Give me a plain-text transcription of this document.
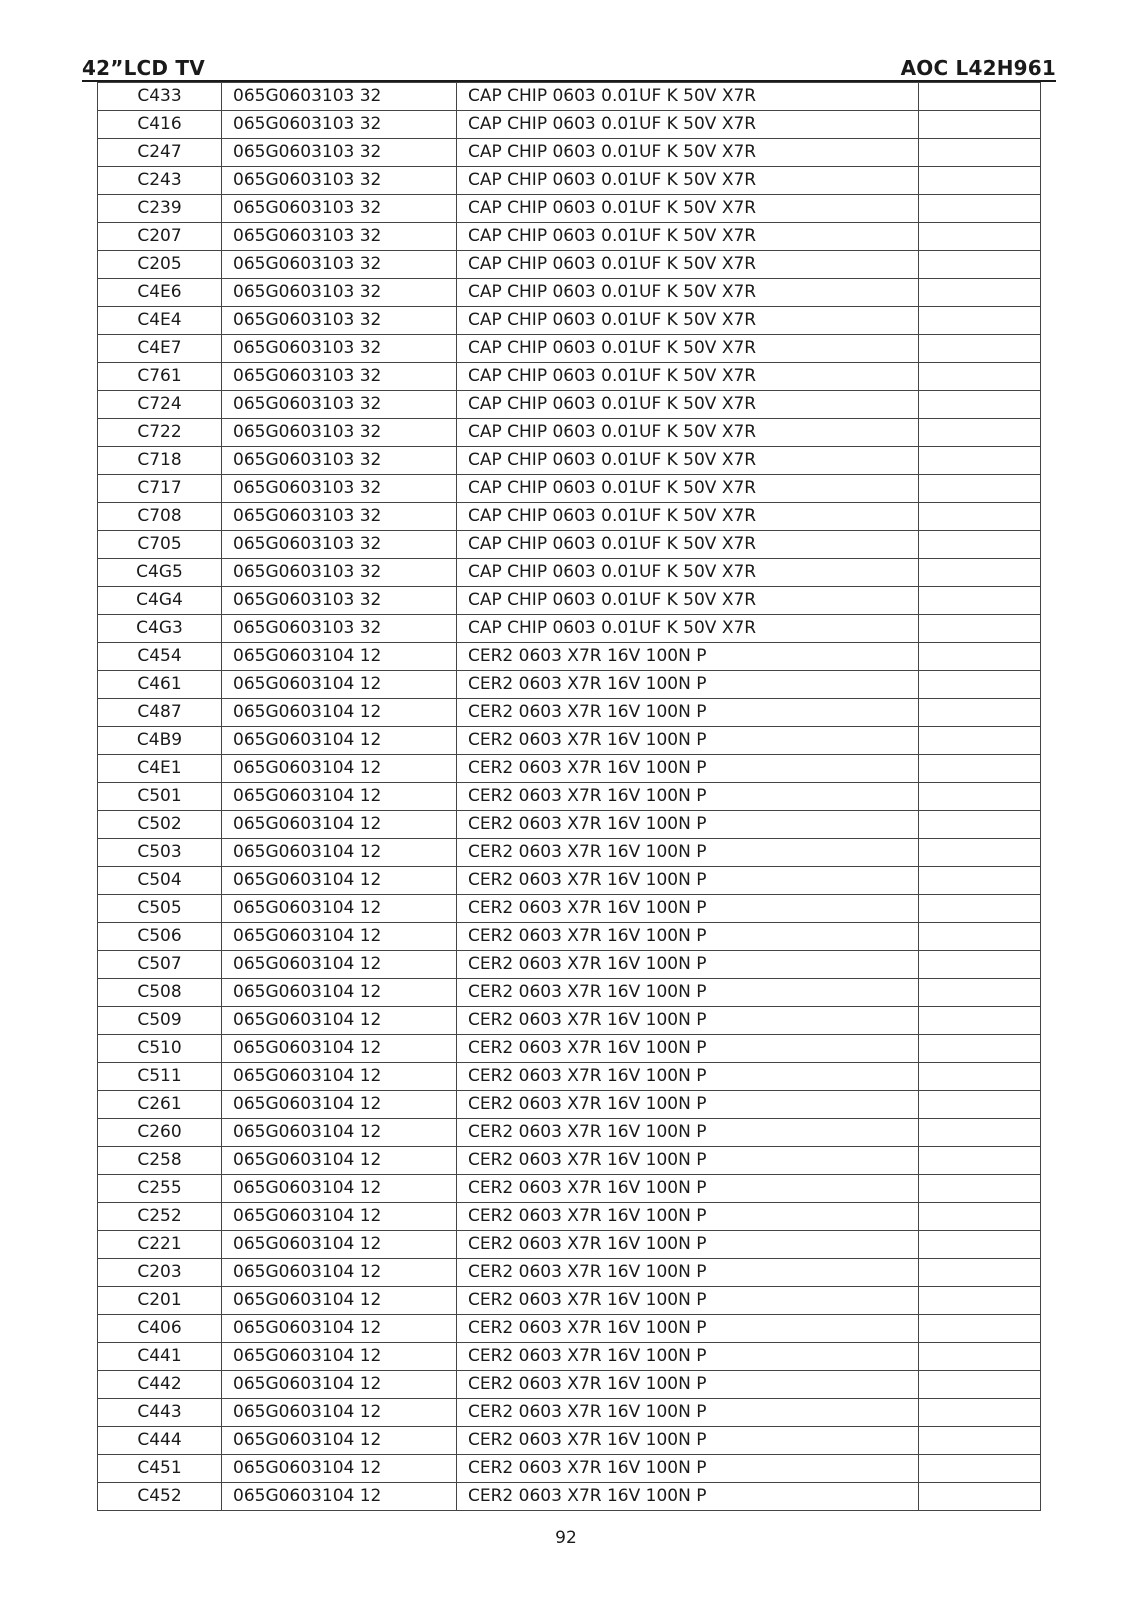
42”LCD TV	AOC L42H961
C433	065G0603103 32	CAP CHIP 0603 0.01UF K 50V X7R	
C416	065G0603103 32	CAP CHIP 0603 0.01UF K 50V X7R	
C247	065G0603103 32	CAP CHIP 0603 0.01UF K 50V X7R	
C243	065G0603103 32	CAP CHIP 0603 0.01UF K 50V X7R	
C239	065G0603103 32	CAP CHIP 0603 0.01UF K 50V X7R	
C207	065G0603103 32	CAP CHIP 0603 0.01UF K 50V X7R	
C205	065G0603103 32	CAP CHIP 0603 0.01UF K 50V X7R	
C4E6	065G0603103 32	CAP CHIP 0603 0.01UF K 50V X7R	
C4E4	065G0603103 32	CAP CHIP 0603 0.01UF K 50V X7R	
C4E7	065G0603103 32	CAP CHIP 0603 0.01UF K 50V X7R	
C761	065G0603103 32	CAP CHIP 0603 0.01UF K 50V X7R	
C724	065G0603103 32	CAP CHIP 0603 0.01UF K 50V X7R	
C722	065G0603103 32	CAP CHIP 0603 0.01UF K 50V X7R	
C718	065G0603103 32	CAP CHIP 0603 0.01UF K 50V X7R	
C717	065G0603103 32	CAP CHIP 0603 0.01UF K 50V X7R	
C708	065G0603103 32	CAP CHIP 0603 0.01UF K 50V X7R	
C705	065G0603103 32	CAP CHIP 0603 0.01UF K 50V X7R	
C4G5	065G0603103 32	CAP CHIP 0603 0.01UF K 50V X7R	
C4G4	065G0603103 32	CAP CHIP 0603 0.01UF K 50V X7R	
C4G3	065G0603103 32	CAP CHIP 0603 0.01UF K 50V X7R	
C454	065G0603104 12	CER2 0603 X7R 16V 100N P	
C461	065G0603104 12	CER2 0603 X7R 16V 100N P	
C487	065G0603104 12	CER2 0603 X7R 16V 100N P	
C4B9	065G0603104 12	CER2 0603 X7R 16V 100N P	
C4E1	065G0603104 12	CER2 0603 X7R 16V 100N P	
C501	065G0603104 12	CER2 0603 X7R 16V 100N P	
C502	065G0603104 12	CER2 0603 X7R 16V 100N P	
C503	065G0603104 12	CER2 0603 X7R 16V 100N P	
C504	065G0603104 12	CER2 0603 X7R 16V 100N P	
C505	065G0603104 12	CER2 0603 X7R 16V 100N P	
C506	065G0603104 12	CER2 0603 X7R 16V 100N P	
C507	065G0603104 12	CER2 0603 X7R 16V 100N P	
C508	065G0603104 12	CER2 0603 X7R 16V 100N P	
C509	065G0603104 12	CER2 0603 X7R 16V 100N P	
C510	065G0603104 12	CER2 0603 X7R 16V 100N P	
C511	065G0603104 12	CER2 0603 X7R 16V 100N P	
C261	065G0603104 12	CER2 0603 X7R 16V 100N P	
C260	065G0603104 12	CER2 0603 X7R 16V 100N P	
C258	065G0603104 12	CER2 0603 X7R 16V 100N P	
C255	065G0603104 12	CER2 0603 X7R 16V 100N P	
C252	065G0603104 12	CER2 0603 X7R 16V 100N P	
C221	065G0603104 12	CER2 0603 X7R 16V 100N P	
C203	065G0603104 12	CER2 0603 X7R 16V 100N P	
C201	065G0603104 12	CER2 0603 X7R 16V 100N P	
C406	065G0603104 12	CER2 0603 X7R 16V 100N P	
C441	065G0603104 12	CER2 0603 X7R 16V 100N P	
C442	065G0603104 12	CER2 0603 X7R 16V 100N P	
C443	065G0603104 12	CER2 0603 X7R 16V 100N P	
C444	065G0603104 12	CER2 0603 X7R 16V 100N P	
C451	065G0603104 12	CER2 0603 X7R 16V 100N P	
C452	065G0603104 12	CER2 0603 X7R 16V 100N P	
92
